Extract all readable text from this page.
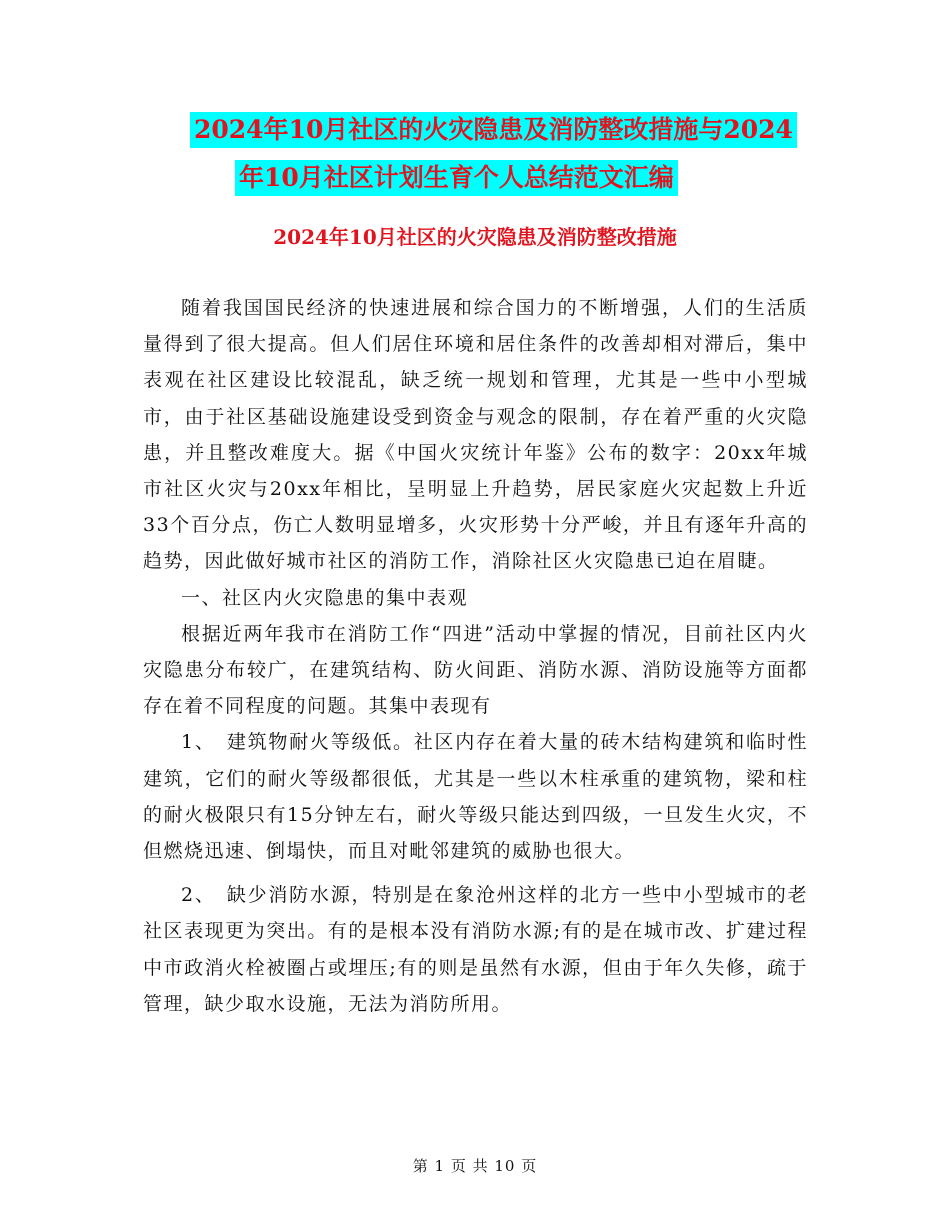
2024年10月社区的火灾隐患及消防整改措施与2024
年10月社区计划生育个人总结范文汇编
2024年10月社区的火灾隐患及消防整改措施

随着我国国民经济的快速进展和综合国力的不断增强，人们的生活质量得到了很大提高。但人们居住环境和居住条件的改善却相对滞后，集中表观在社区建设比较混乱，缺乏统一规划和管理，尤其是一些中小型城市，由于社区基础设施建设受到资金与观念的限制，存在着严重的火灾隐患，并且整改难度大。据《中国火灾统计年鉴》公布的数字：20xx年城市社区火灾与20xx年相比，呈明显上升趋势，居民家庭火灾起数上升近33个百分点，伤亡人数明显增多，火灾形势十分严峻，并且有逐年升高的趋势，因此做好城市社区的消防工作，消除社区火灾隐患已迫在眉睫。

一、社区内火灾隐患的集中表观

根据近两年我市在消防工作“四进”活动中掌握的情况，目前社区内火灾隐患分布较广，在建筑结构、防火间距、消防水源、消防设施等方面都存在着不同程度的问题。其集中表现有

1、　建筑物耐火等级低。社区内存在着大量的砖木结构建筑和临时性建筑，它们的耐火等级都很低，尤其是一些以木柱承重的建筑物，梁和柱的耐火极限只有15分钟左右，耐火等级只能达到四级，一旦发生火灾，不但燃烧迅速、倒塌快，而且对毗邻建筑的威胁也很大。

2、　缺少消防水源，特别是在象沧州这样的北方一些中小型城市的老社区表现更为突出。有的是根本没有消防水源;有的是在城市改、扩建过程中市政消火栓被圈占或埋压;有的则是虽然有水源，但由于年久失修，疏于管理，缺少取水设施，无法为消防所用。

第 1 页 共 10 页
